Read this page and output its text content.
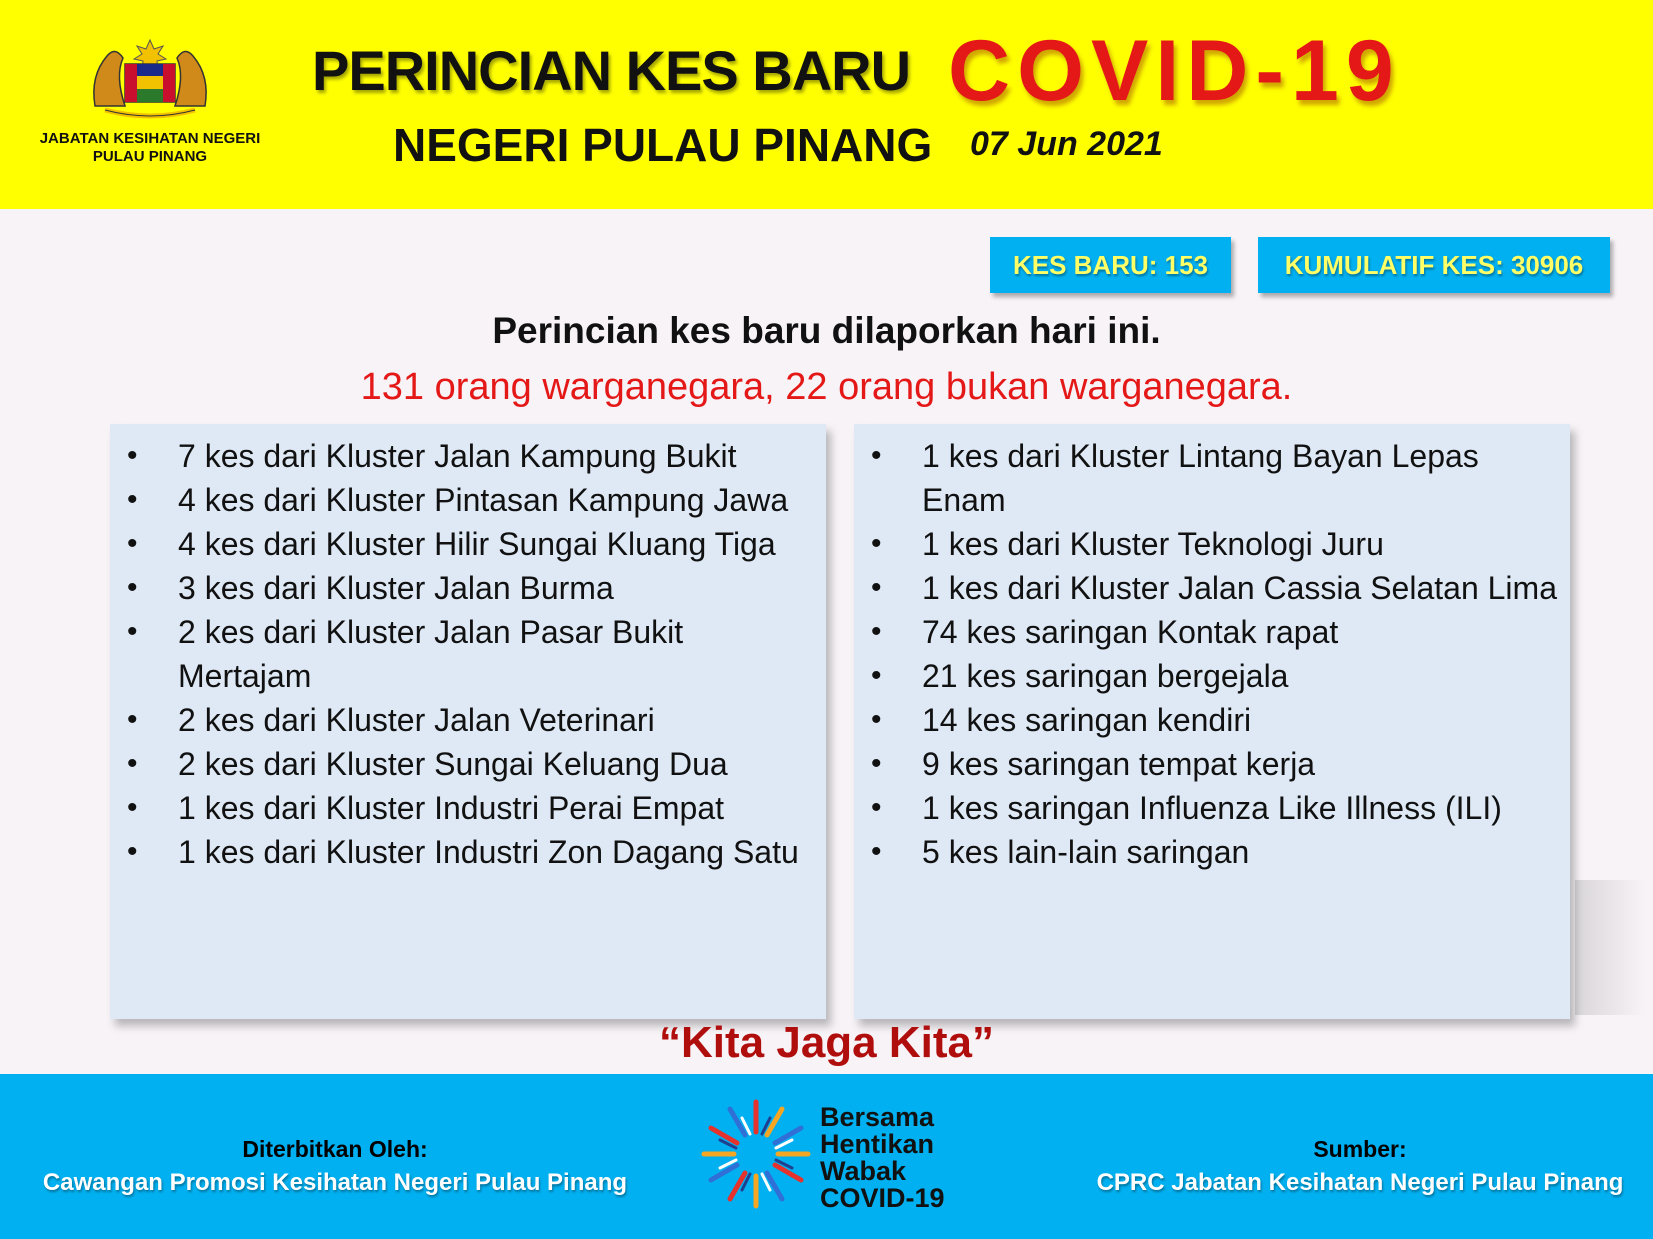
JABATAN KESIHATAN NEGERI PULAU PINANG
PERINCIAN KES BARU COVID-19
NEGERI PULAU PINANG 07 Jun 2021
KES BARU: 153	KUMULATIF KES: 30906
Perincian kes baru dilaporkan hari ini.
131 orang warganegara, 22 orang bukan warganegara.
• 7 kes dari Kluster Jalan Kampung Bukit
• 4 kes dari Kluster Pintasan Kampung Jawa
• 4 kes dari Kluster Hilir Sungai Kluang Tiga
• 3 kes dari Kluster Jalan Burma
• 2 kes dari Kluster Jalan Pasar Bukit Mertajam
• 2 kes dari Kluster Jalan Veterinari
• 2 kes dari Kluster Sungai Keluang Dua
• 1 kes dari Kluster Industri Perai Empat
• 1 kes dari Kluster Industri Zon Dagang Satu
• 1 kes dari Kluster Lintang Bayan Lepas Enam
• 1 kes dari Kluster Teknologi Juru
• 1 kes dari Kluster Jalan Cassia Selatan Lima
• 74 kes saringan Kontak rapat
• 21 kes saringan bergejala
• 14 kes saringan kendiri
• 9 kes saringan tempat kerja
• 1 kes saringan Influenza Like Illness (ILI)
• 5 kes lain-lain saringan
“Kita Jaga Kita”
Diterbitkan Oleh:
Cawangan Promosi Kesihatan Negeri Pulau Pinang
Bersama
Hentikan
Wabak
COVID-19
Sumber:
CPRC Jabatan Kesihatan Negeri Pulau Pinang
